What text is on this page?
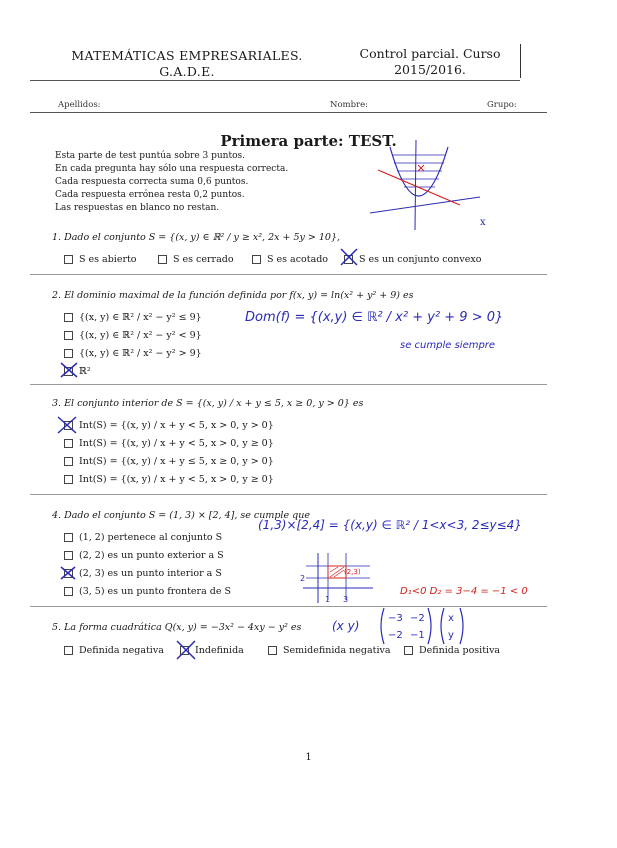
MATEMÁTICAS EMPRESARIALES.
G.A.D.E.
Control parcial. Curso
2015/2016.
Apellidos:	Nombre:	Grupo:
Primera parte: TEST.
Esta parte de test puntúa sobre 3 puntos.
En cada pregunta hay sólo una respuesta correcta.
Cada respuesta correcta suma 0,6 puntos.
Cada respuesta errónea resta 0,2 puntos.
Las respuestas en blanco no restan.
x
1. Dado el conjunto S = {(x, y) ∈ ℝ² / y ≥ x², 2x + 5y > 10},
S es abierto	S es cerrado	S es acotado	S es un conjunto convexo
2. El dominio maximal de la función definida por f(x, y) = ln(x² + y² + 9) es
{(x, y) ∈ ℝ² / x² − y² ≤ 9}
{(x, y) ∈ ℝ² / x² − y² < 9}
{(x, y) ∈ ℝ² / x² − y² > 9}
ℝ²
Dom(f) = {(x,y) ∈ ℝ² / x² + y² + 9 > 0}
se cumple siempre
3. El conjunto interior de S = {(x, y) / x + y ≤ 5, x ≥ 0, y > 0} es
Int(S) = {(x, y) / x + y < 5, x > 0, y > 0}
Int(S) = {(x, y) / x + y < 5, x > 0, y ≥ 0}
Int(S) = {(x, y) / x + y ≤ 5, x ≥ 0, y > 0}
Int(S) = {(x, y) / x + y < 5, x > 0, y ≥ 0}
4. Dado el conjunto S = (1, 3) × [2, 4], se cumple que
(1, 2) pertenece al conjunto S
(2, 2) es un punto exterior a S
(2, 3) es un punto interior a S
(3, 5) es un punto frontera de S
(1,3)×[2,4] = {(x,y) ∈ ℝ² / 1<x<3, 2≤y≤4}
(2,3)
1 3
2
D₁<0 D₂ = 3−4 = −1 < 0
5. La forma cuadrática Q(x, y) = −3x² − 4xy − y² es	(x y)
−3 −2
−2 −1
x
y
Definida negativa	Indefinida	Semidefinida negativa	Definida positiva
1
